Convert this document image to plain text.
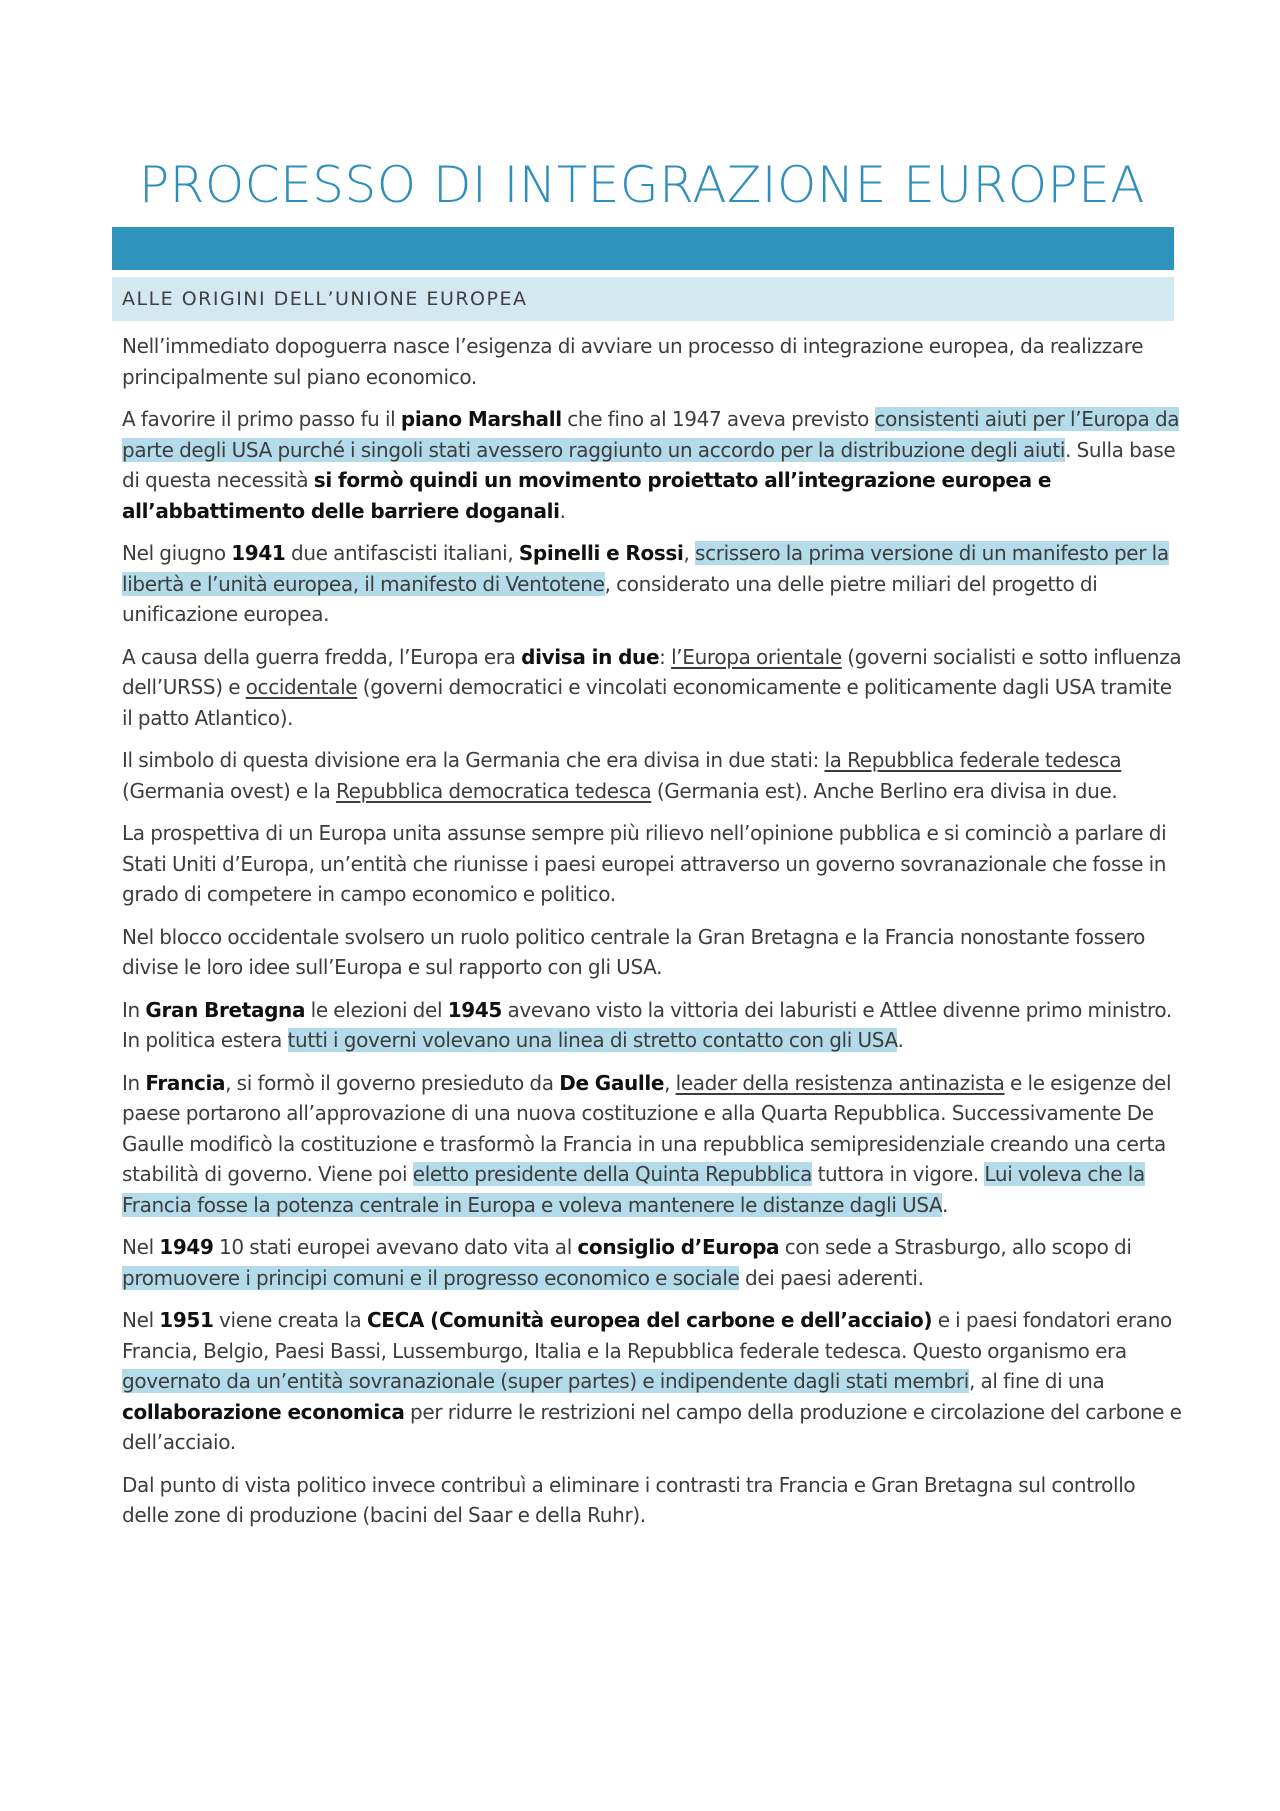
PROCESSO DI INTEGRAZIONE EUROPEA
ALLE ORIGINI DELL’UNIONE EUROPEA

Nell’immediato dopoguerra nasce l’esigenza di avviare un processo di integrazione europea, da realizzare principalmente sul piano economico.

A favorire il primo passo fu il piano Marshall che fino al 1947 aveva previsto consistenti aiuti per l’Europa da parte degli USA purché i singoli stati avessero raggiunto un accordo per la distribuzione degli aiuti. Sulla base di questa necessità si formò quindi un movimento proiettato all’integrazione europea e all’abbattimento delle barriere doganali.

Nel giugno 1941 due antifascisti italiani, Spinelli e Rossi, scrissero la prima versione di un manifesto per la libertà e l’unità europea, il manifesto di Ventotene, considerato una delle pietre miliari del progetto di unificazione europea.

A causa della guerra fredda, l’Europa era divisa in due: l’Europa orientale (governi socialisti e sotto influenza dell’URSS) e occidentale (governi democratici e vincolati economicamente e politicamente dagli USA tramite il patto Atlantico).

Il simbolo di questa divisione era la Germania che era divisa in due stati: la Repubblica federale tedesca (Germania ovest) e la Repubblica democratica tedesca (Germania est). Anche Berlino era divisa in due.

La prospettiva di un Europa unita assunse sempre più rilievo nell’opinione pubblica e si cominciò a parlare di Stati Uniti d’Europa, un’entità che riunisse i paesi europei attraverso un governo sovranazionale che fosse in grado di competere in campo economico e politico.

Nel blocco occidentale svolsero un ruolo politico centrale la Gran Bretagna e la Francia nonostante fossero divise le loro idee sull’Europa e sul rapporto con gli USA.

In Gran Bretagna le elezioni del 1945 avevano visto la vittoria dei laburisti e Attlee divenne primo ministro. In politica estera tutti i governi volevano una linea di stretto contatto con gli USA.

In Francia, si formò il governo presieduto da De Gaulle, leader della resistenza antinazista e le esigenze del paese portarono all’approvazione di una nuova costituzione e alla Quarta Repubblica. Successivamente De Gaulle modificò la costituzione e trasformò la Francia in una repubblica semipresidenziale creando una certa stabilità di governo. Viene poi eletto presidente della Quinta Repubblica tuttora in vigore. Lui voleva che la Francia fosse la potenza centrale in Europa e voleva mantenere le distanze dagli USA.

Nel 1949 10 stati europei avevano dato vita al consiglio d’Europa con sede a Strasburgo, allo scopo di promuovere i principi comuni e il progresso economico e sociale dei paesi aderenti.

Nel 1951 viene creata la CECA (Comunità europea del carbone e dell’acciaio) e i paesi fondatori erano Francia, Belgio, Paesi Bassi, Lussemburgo, Italia e la Repubblica federale tedesca. Questo organismo era governato da un’entità sovranazionale (super partes) e indipendente dagli stati membri, al fine di una collaborazione economica per ridurre le restrizioni nel campo della produzione e circolazione del carbone e dell’acciaio.

Dal punto di vista politico invece contribuì a eliminare i contrasti tra Francia e Gran Bretagna sul controllo delle zone di produzione (bacini del Saar e della Ruhr).
